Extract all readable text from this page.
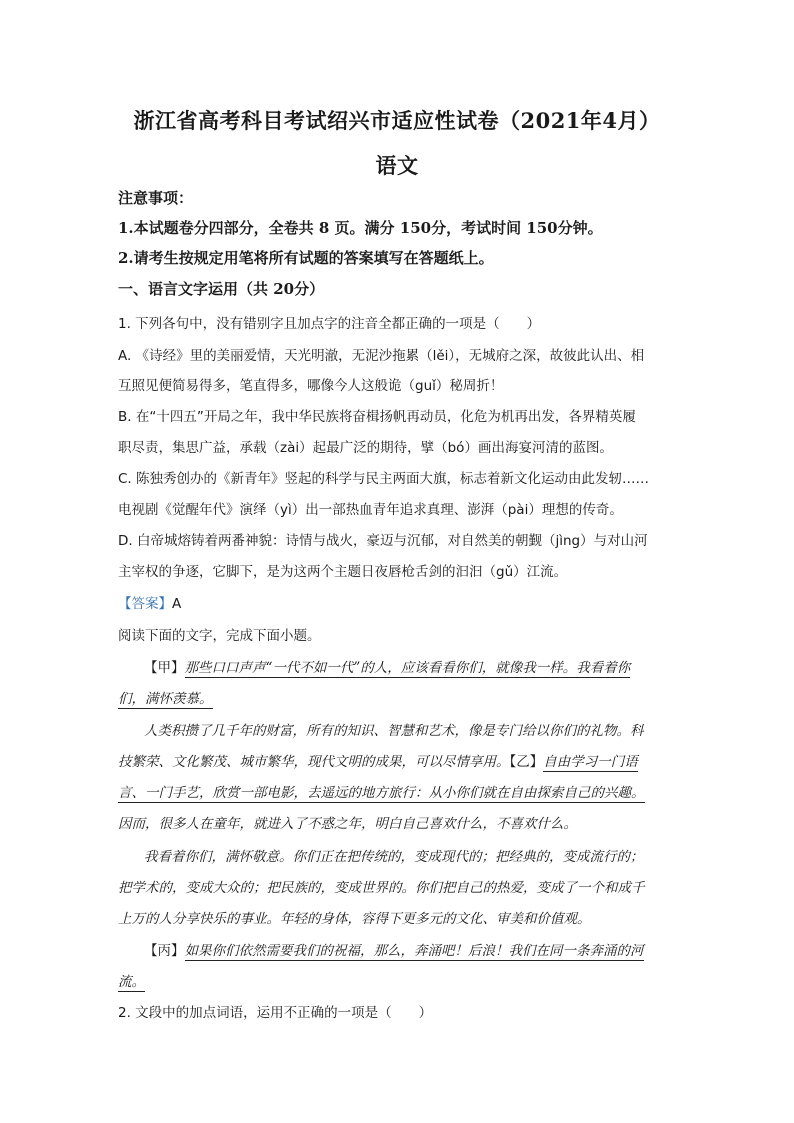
浙江省高考科目考试绍兴市适应性试卷（2021年4月）
语文
注意事项：
1.本试题卷分四部分，全卷共 8 页。满分 150分，考试时间 150分钟。
2.请考生按规定用笔将所有试题的答案填写在答题纸上。
一、语言文字运用（共 20分）
1. 下列各句中，没有错别字且加点字的注音全都正确的一项是（　　）
A. 《诗经》里的美丽爱情，天光明澈，无泥沙拖累（lěi），无城府之深，故彼此认出、相
互照见便简易得多，笔直得多，哪像今人这般诡（guǐ）秘周折！
B. 在“十四五”开局之年，我中华民族将奋楫扬帆再动员，化危为机再出发，各界精英履
职尽责，集思广益，承载（zài）起最广泛的期待，擘（bó）画出海宴河清的蓝图。
C. 陈独秀创办的《新青年》竖起的科学与民主两面大旗，标志着新文化运动由此发轫……
电视剧《觉醒年代》演绎（yì）出一部热血青年追求真理、澎湃（pài）理想的传奇。
D. 白帝城熔铸着两番神貌：诗情与战火，豪迈与沉郁，对自然美的朝觐（jìng）与对山河
主宰权的争逐，它脚下，是为这两个主题日夜唇枪舌剑的汩汩（gǔ）江流。
【答案】A
阅读下面的文字，完成下面小题。
【甲】那些口口声声“一代不如一代”的人，应该看看你们，就像我一样。我看着你
们，满怀羡慕。
人类积攒了几千年的财富，所有的知识、智慧和艺术，像是专门给以你们的礼物。科
技繁荣、文化繁茂、城市繁华，现代文明的成果，可以尽情享用。【乙】自由学习一门语
言、一门手艺，欣赏一部电影，去遥远的地方旅行：从小你们就在自由探索自己的兴趣。
因而，很多人在童年，就进入了不惑之年，明白自己喜欢什么，不喜欢什么。
我看着你们，满怀敬意。你们正在把传统的，变成现代的；把经典的，变成流行的；
把学术的，变成大众的；把民族的，变成世界的。你们把自己的热爱，变成了一个和成千
上万的人分享快乐的事业。年轻的身体，容得下更多元的文化、审美和价值观。
【丙】如果你们依然需要我们的祝福，那么，奔涌吧！后浪！我们在同一条奔涌的河
流。
2. 文段中的加点词语，运用不正确的一项是（　　）
